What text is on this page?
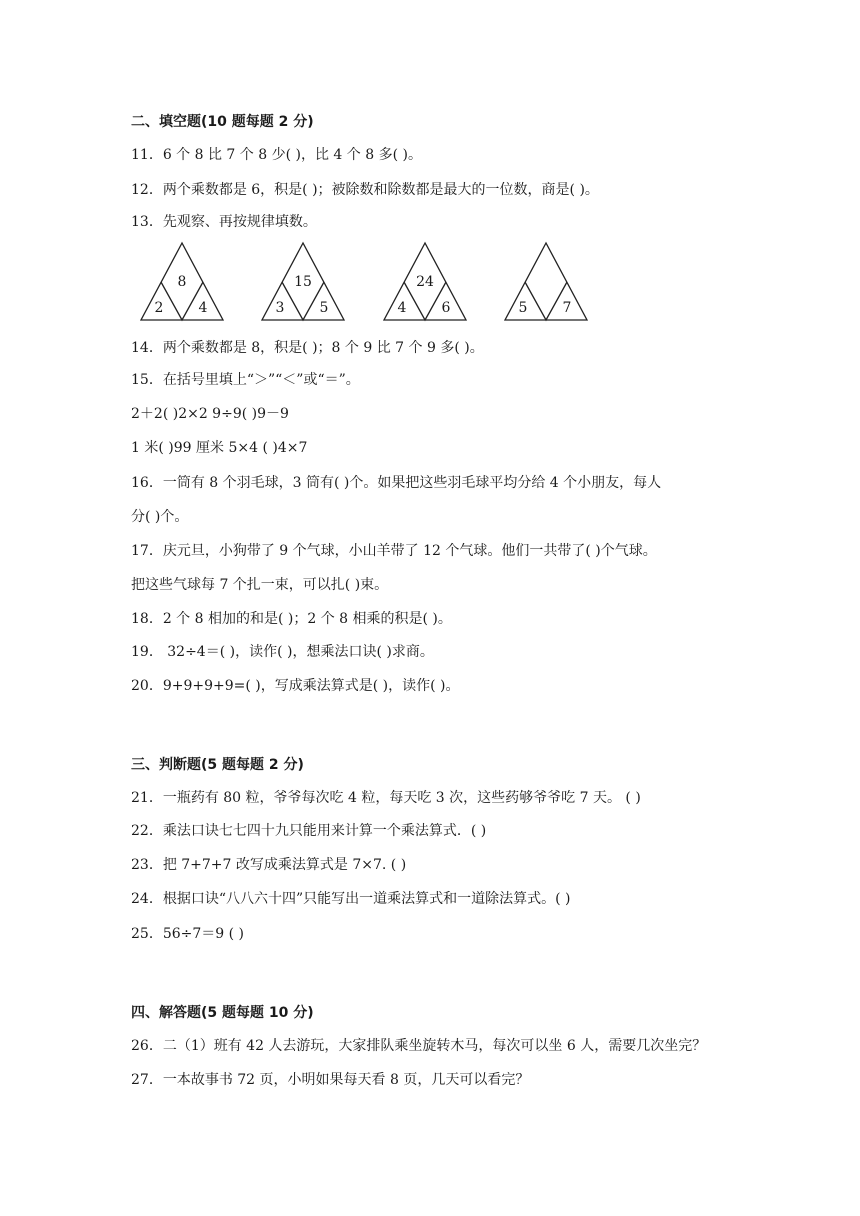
二、填空题(10 题每题 2 分)
11．6 个 8 比 7 个 8 少( )，比 4 个 8 多( )。
12．两个乘数都是 6，积是( )；被除数和除数都是最大的一位数，商是( )。
13．先观察、再按规律填数。
8
2	4
15
3	5
24
4	6	5	7
14．两个乘数都是 8，积是( )；8 个 9 比 7 个 9 多( )。
15．在括号里填上“＞”“＜”或“＝”。
2＋2( )2×2 9÷9( )9－9
1 米( )99 厘米 5×4 ( )4×7
16．一筒有 8 个羽毛球，3 筒有( )个。如果把这些羽毛球平均分给 4 个小朋友，每人
分( )个。
17．庆元旦，小狗带了 9 个气球，小山羊带了 12 个气球。他们一共带了( )个气球。
把这些气球每 7 个扎一束，可以扎( )束。
18．2 个 8 相加的和是( )；2 个 8 相乘的积是( )。
19． 32÷4＝( )，读作( )，想乘法口诀( )求商。
20．9+9+9+9=( )，写成乘法算式是( )，读作( )。
三、判断题(5 题每题 2 分)
21．一瓶药有 80 粒，爷爷每次吃 4 粒，每天吃 3 次，这些药够爷爷吃 7 天。 ( )
22．乘法口诀七七四十九只能用来计算一个乘法算式．( )
23．把 7+7+7 改写成乘法算式是 7×7. ( )
24．根据口诀“八八六十四”只能写出一道乘法算式和一道除法算式。( )
25．56÷7＝9 ( )
四、解答题(5 题每题 10 分)
26．二（1）班有 42 人去游玩，大家排队乘坐旋转木马，每次可以坐 6 人，需要几次坐完？
27．一本故事书 72 页，小明如果每天看 8 页，几天可以看完？
